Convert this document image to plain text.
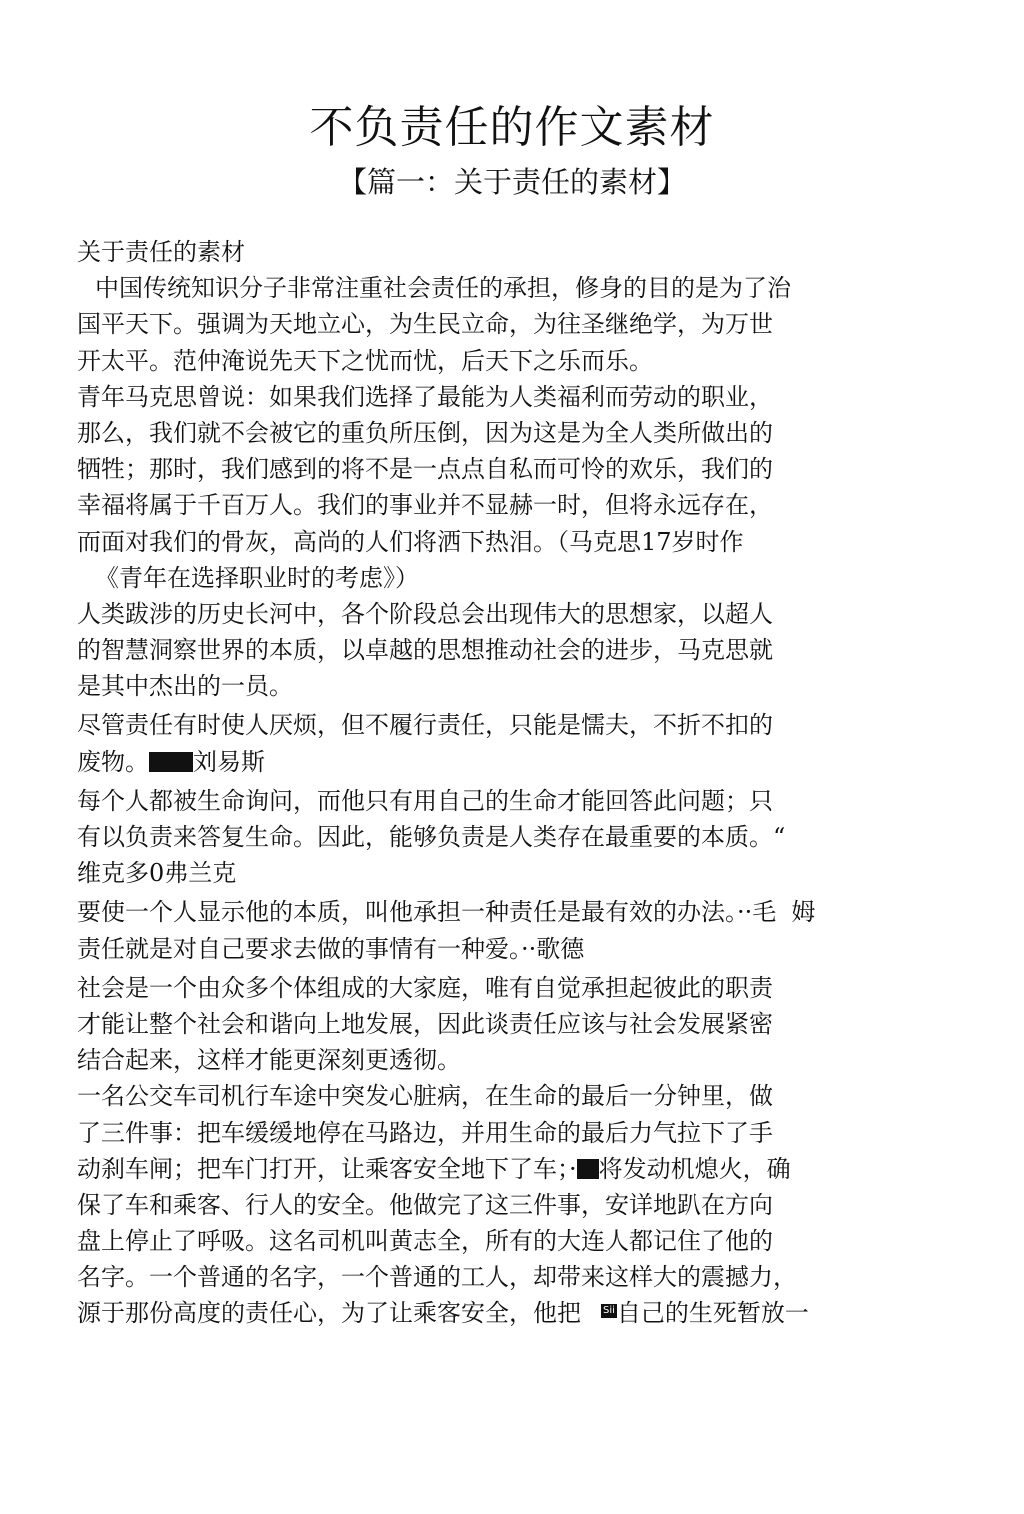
不负责任的作文素材
【篇一：关于责任的素材】
关于责任的素材
中国传统知识分子非常注重社会责任的承担，修身的目的是为了治
国平天下。强调为天地立心，为生民立命，为往圣继绝学，为万世
开太平。范仲淹说先天下之忧而忧，后天下之乐而乐。
青年马克思曾说：如果我们选择了最能为人类福利而劳动的职业，
那么，我们就不会被它的重负所压倒，因为这是为全人类所做出的
牺牲；那时，我们感到的将不是一点点自私而可怜的欢乐，我们的
幸福将属于千百万人。我们的事业并不显赫一时，但将永远存在，
而面对我们的骨灰，高尚的人们将洒下热泪。（马克思17岁时作
《青年在选择职业时的考虑》）
人类跋涉的历史长河中，各个阶段总会出现伟大的思想家，以超人
的智慧洞察世界的本质，以卓越的思想推动社会的进步，马克思就
是其中杰出的一员。
尽管责任有时使人厌烦，但不履行责任，只能是懦夫，不折不扣的
废物。 刘易斯
每个人都被生命询问，而他只有用自己的生命才能回答此问题；只
有以负责来答复生命。因此，能够负责是人类存在最重要的本质。“
维克多0弗兰克
要使一个人显示他的本质，叫他承担一种责任是最有效的办法。··毛  姆
责任就是对自己要求去做的事情有一种爱。··歌德
社会是一个由众多个体组成的大家庭，唯有自觉承担起彼此的职责
才能让整个社会和谐向上地发展，因此谈责任应该与社会发展紧密
结合起来，这样才能更深刻更透彻。
一名公交车司机行车途中突发心脏病，在生命的最后一分钟里，做
了三件事：把车缓缓地停在马路边，并用生命的最后力气拉下了手
动刹车闸；把车门打开，让乘客安全地下了车；· 将发动机熄火，确
保了车和乘客、行人的安全。他做完了这三件事，安详地趴在方向
盘上停止了呼吸。这名司机叫黄志全，所有的大连人都记住了他的
名字。一个普通的名字，一个普通的工人，却带来这样大的震撼力，
源于那份高度的责任心，为了让乘客安全，他把 Sii自己的生死暂放一
